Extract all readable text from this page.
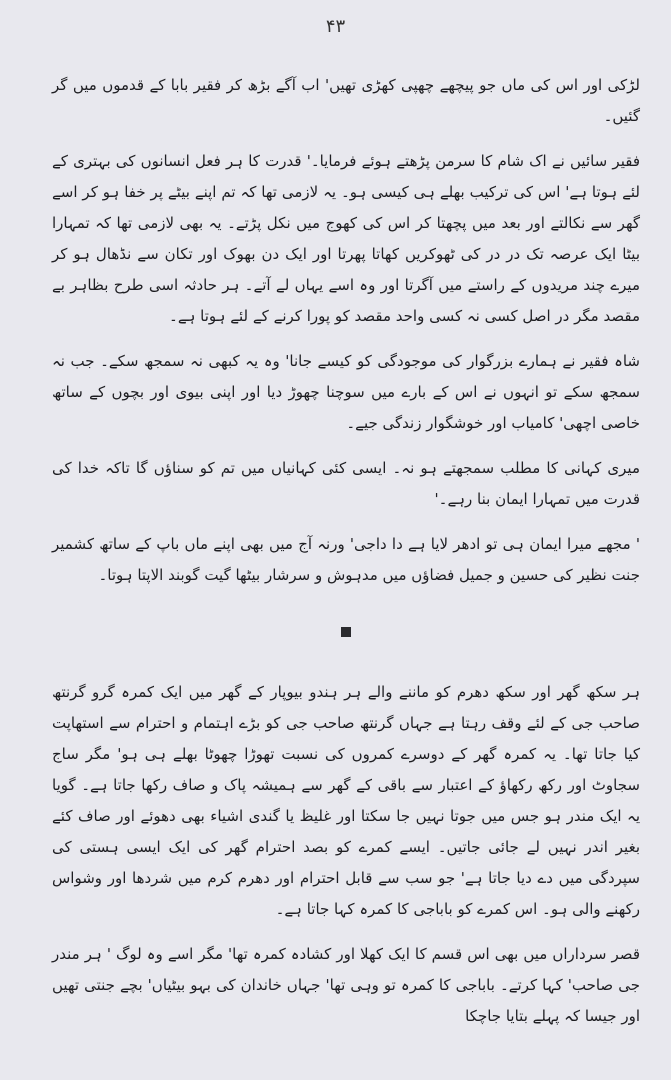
۴۳

لڑکی اور اس کی ماں جو پیچھے چھپی کھڑی تھیں' اب آگے بڑھ کر فقیر بابا کے قدموں میں گر گئیں۔

فقیر سائیں نے اک شام کا سرمن پڑھتے ہوئے فرمایا۔' قدرت کا ہر فعل انسانوں کی بہتری کے لئے ہوتا ہے' اس کی ترکیب بھلے ہی کیسی ہو۔ یہ لازمی تھا کہ تم اپنے بیٹے پر خفا ہو کر اسے گھر سے نکالتے اور بعد میں پچھتا کر اس کی کھوج میں نکل پڑتے۔ یہ بھی لازمی تھا کہ تمہارا بیٹا ایک عرصہ تک در در کی ٹھوکریں کھاتا پھرتا اور ایک دن بھوک اور تکان سے نڈھال ہو کر میرے چند مریدوں کے راستے میں آگرتا اور وہ اسے یہاں لے آتے۔ ہر حادثہ اسی طرح بظاہر بے مقصد مگر در اصل کسی نہ کسی واحد مقصد کو پورا کرنے کے لئے ہوتا ہے۔

شاہ فقیر نے ہمارے بزرگوار کی موجودگی کو کیسے جانا' وہ یہ کبھی نہ سمجھ سکے۔ جب نہ سمجھ سکے تو انہوں نے اس کے بارے میں سوچنا چھوڑ دیا اور اپنی بیوی اور بچوں کے ساتھ خاصی اچھی' کامیاب اور خوشگوار زندگی جیے۔

میری کہانی کا مطلب سمجھتے ہو نہ۔ ایسی کئی کہانیاں میں تم کو سناؤں گا تاکہ خدا کی قدرت میں تمہارا ایمان بنا رہے۔'

' مجھے میرا ایمان ہی تو ادھر لایا ہے دا داجی' ورنہ آج میں بھی اپنے ماں باپ کے ساتھ کشمیر جنت نظیر کی حسین و جمیل فضاؤں میں مدہوش و سرشار بیٹھا گیت گوبند الاپتا ہوتا۔

ہر سکھ گھر اور سکھ دھرم کو ماننے والے ہر ہندو بیوپار کے گھر میں ایک کمرہ گرو گرنتھ صاحب جی کے لئے وقف رہتا ہے جہاں گرنتھ صاحب جی کو بڑے اہتمام و احترام سے استھاپت کیا جاتا تھا۔ یہ کمرہ گھر کے دوسرے کمروں کی نسبت تھوڑا چھوٹا بھلے ہی ہو' مگر ساج سجاوٹ اور رکھ رکھاؤ کے اعتبار سے باقی کے گھر سے ہمیشہ پاک و صاف رکھا جاتا ہے۔ گویا یہ ایک مندر ہو جس میں جوتا نہیں جا سکتا اور غلیظ یا گندی اشیاء بھی دھوئے اور صاف کئے بغیر اندر نہیں لے جائی جاتیں۔ ایسے کمرے کو بصد احترام گھر کی ایک ایسی ہستی کی سپردگی میں دے دیا جاتا ہے' جو سب سے قابل احترام اور دھرم کرم میں شردھا اور وشواس رکھنے والی ہو۔ اس کمرے کو باباجی کا کمرہ کہا جاتا ہے۔

قصر سرداراں میں بھی اس قسم کا ایک کھلا اور کشادہ کمرہ تھا' مگر اسے وہ لوگ ' ہر مندر جی صاحب' کہا کرتے۔ باباجی کا کمرہ تو وہی تھا' جہاں خاندان کی بہو بیٹیاں' بچے جنتی تھیں اور جیسا کہ پہلے بتایا جاچکا
